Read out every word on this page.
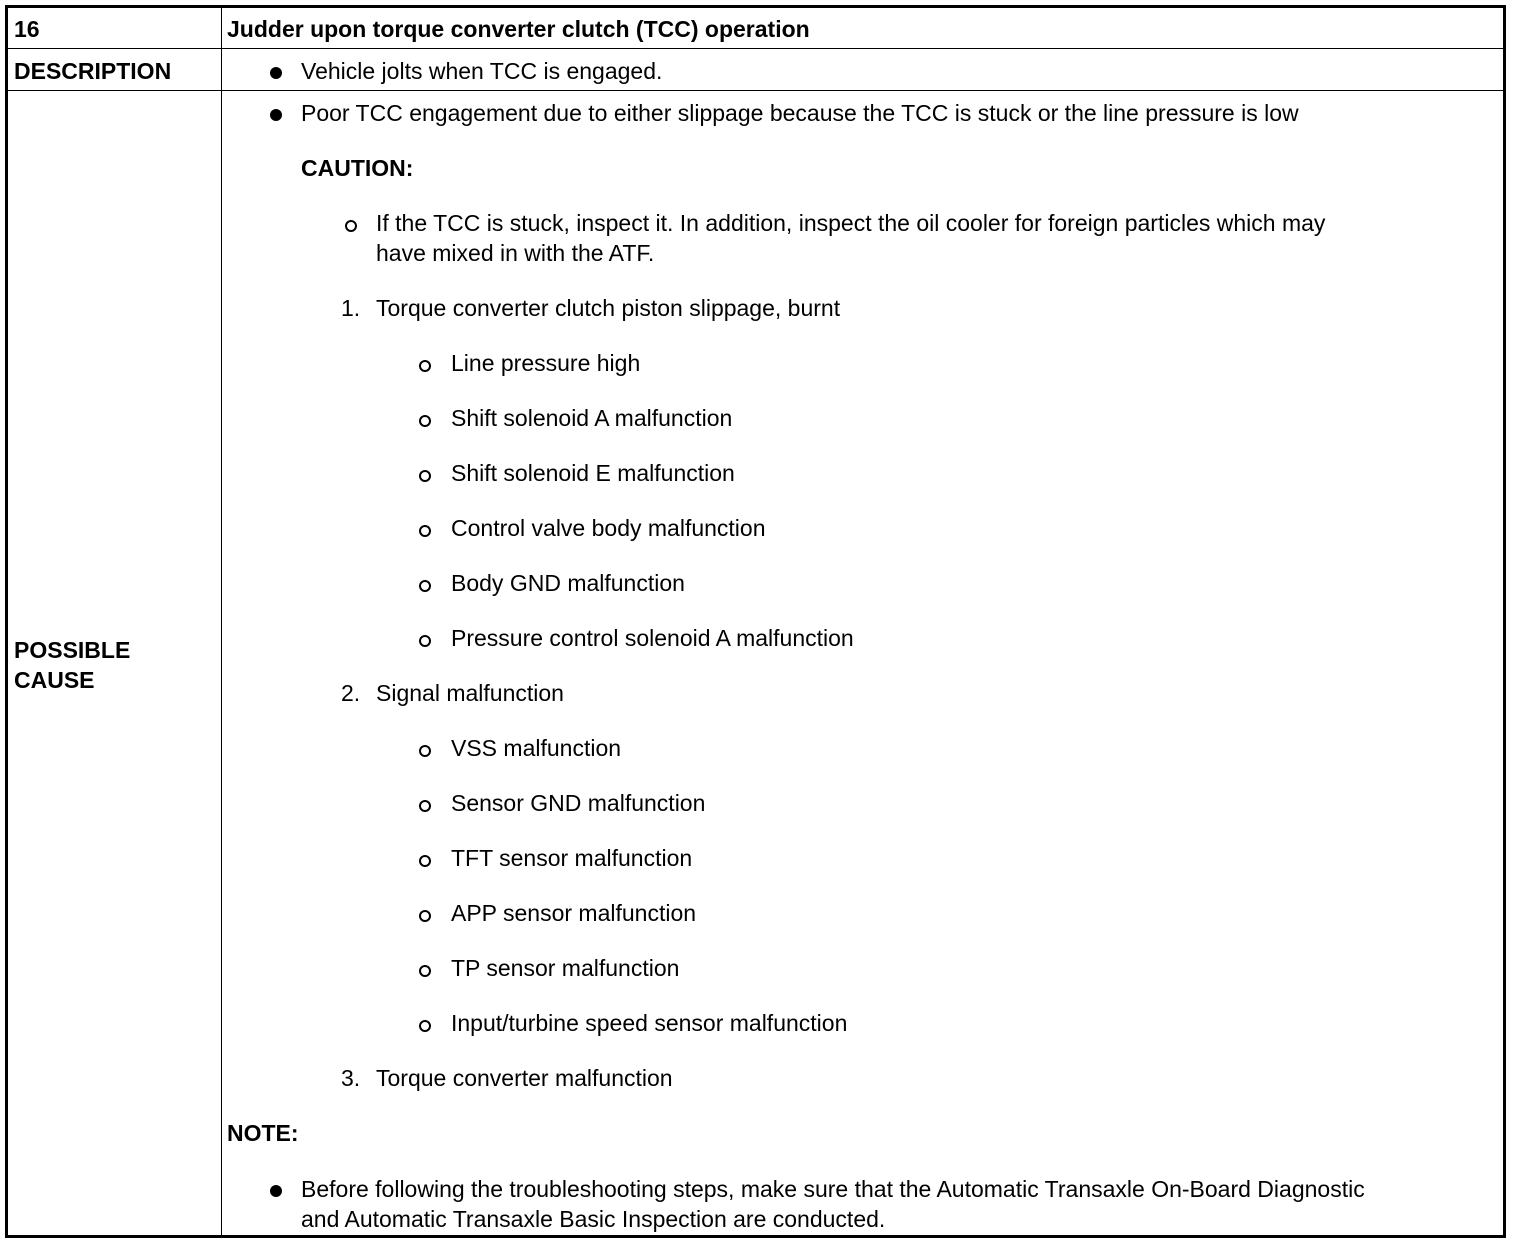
16	Judder upon torque converter clutch (TCC) operation
DESCRIPTION	Vehicle jolts when TCC is engaged.
POSSIBLE
CAUSE
Poor TCC engagement due to either slippage because the TCC is stuck or the line pressure is low
CAUTION:
If the TCC is stuck, inspect it. In addition, inspect the oil cooler for foreign particles which may
have mixed in with the ATF.
1. Torque converter clutch piston slippage, burnt
Line pressure high
Shift solenoid A malfunction
Shift solenoid E malfunction
Control valve body malfunction
Body GND malfunction
Pressure control solenoid A malfunction
2. Signal malfunction
VSS malfunction
Sensor GND malfunction
TFT sensor malfunction
APP sensor malfunction
TP sensor malfunction
Input/turbine speed sensor malfunction
3. Torque converter malfunction
NOTE:
Before following the troubleshooting steps, make sure that the Automatic Transaxle On-Board Diagnostic
and Automatic Transaxle Basic Inspection are conducted.
